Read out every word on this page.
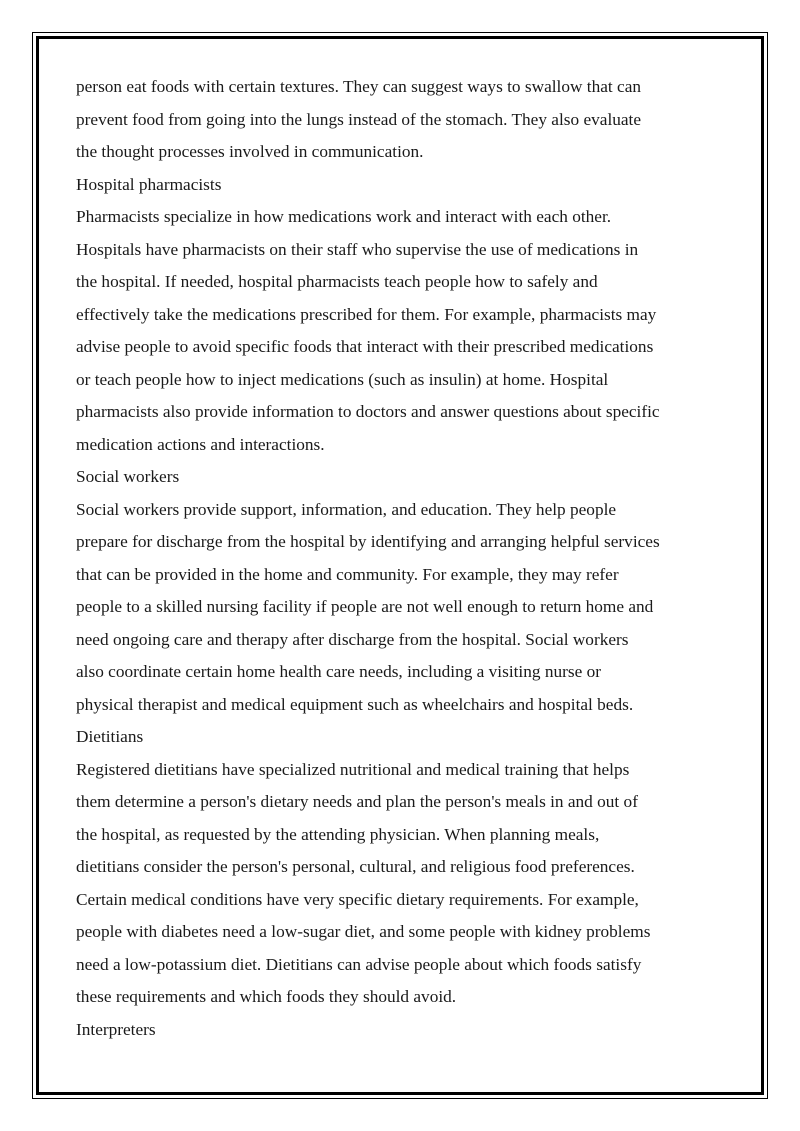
person eat foods with certain textures. They can suggest ways to swallow that can
prevent food from going into the lungs instead of the stomach. They also evaluate
the thought processes involved in communication.

Hospital pharmacists

Pharmacists specialize in how medications work and interact with each other.
Hospitals have pharmacists on their staff who supervise the use of medications in
the hospital. If needed, hospital pharmacists teach people how to safely and
effectively take the medications prescribed for them. For example, pharmacists may
advise people to avoid specific foods that interact with their prescribed medications
or teach people how to inject medications (such as insulin) at home. Hospital
pharmacists also provide information to doctors and answer questions about specific
medication actions and interactions.

Social workers

Social workers provide support, information, and education. They help people
prepare for discharge from the hospital by identifying and arranging helpful services
that can be provided in the home and community. For example, they may refer
people to a skilled nursing facility if people are not well enough to return home and
need ongoing care and therapy after discharge from the hospital. Social workers
also coordinate certain home health care needs, including a visiting nurse or
physical therapist and medical equipment such as wheelchairs and hospital beds.

Dietitians

Registered dietitians have specialized nutritional and medical training that helps
them determine a person's dietary needs and plan the person's meals in and out of
the hospital, as requested by the attending physician. When planning meals,
dietitians consider the person's personal, cultural, and religious food preferences.
Certain medical conditions have very specific dietary requirements. For example,
people with diabetes need a low-sugar diet, and some people with kidney problems
need a low-potassium diet. Dietitians can advise people about which foods satisfy
these requirements and which foods they should avoid.

Interpreters
